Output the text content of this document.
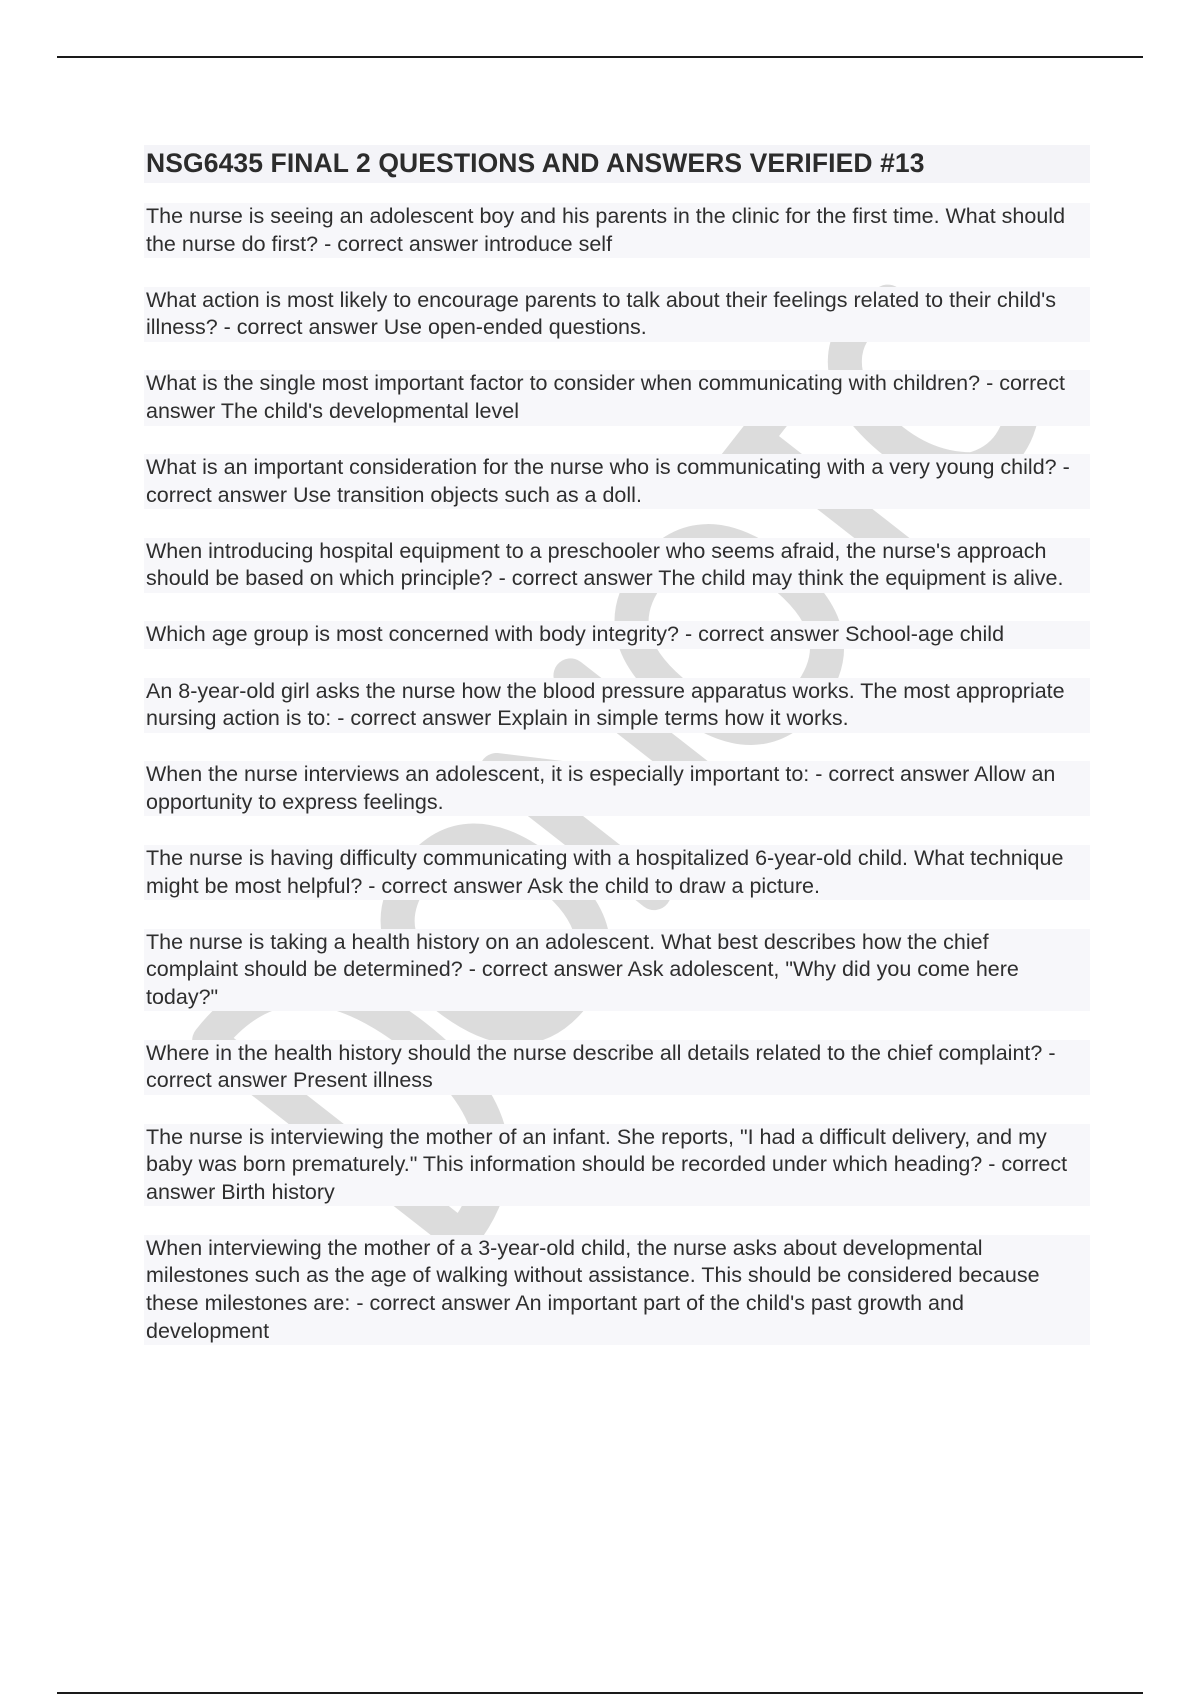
NSG6435 FINAL 2 QUESTIONS AND ANSWERS VERIFIED #13
The nurse is seeing an adolescent boy and his parents in the clinic for the first time. What should the nurse do first? - correct answer introduce self
What action is most likely to encourage parents to talk about their feelings related to their child's illness? - correct answer Use open-ended questions.
What is the single most important factor to consider when communicating with children? - correct answer The child's developmental level
What is an important consideration for the nurse who is communicating with a very young child? - correct answer Use transition objects such as a doll.
When introducing hospital equipment to a preschooler who seems afraid, the nurse's approach should be based on which principle? - correct answer The child may think the equipment is alive.
Which age group is most concerned with body integrity? - correct answer School-age child
An 8-year-old girl asks the nurse how the blood pressure apparatus works. The most appropriate nursing action is to: - correct answer Explain in simple terms how it works.
When the nurse interviews an adolescent, it is especially important to: - correct answer Allow an opportunity to express feelings.
The nurse is having difficulty communicating with a hospitalized 6-year-old child. What technique might be most helpful? - correct answer Ask the child to draw a picture.
The nurse is taking a health history on an adolescent. What best describes how the chief complaint should be determined? - correct answer Ask adolescent, "Why did you come here today?"
Where in the health history should the nurse describe all details related to the chief complaint? - correct answer Present illness
The nurse is interviewing the mother of an infant. She reports, "I had a difficult delivery, and my baby was born prematurely." This information should be recorded under which heading? - correct answer Birth history
When interviewing the mother of a 3-year-old child, the nurse asks about developmental milestones such as the age of walking without assistance. This should be considered because these milestones are: - correct answer An important part of the child's past growth and development
